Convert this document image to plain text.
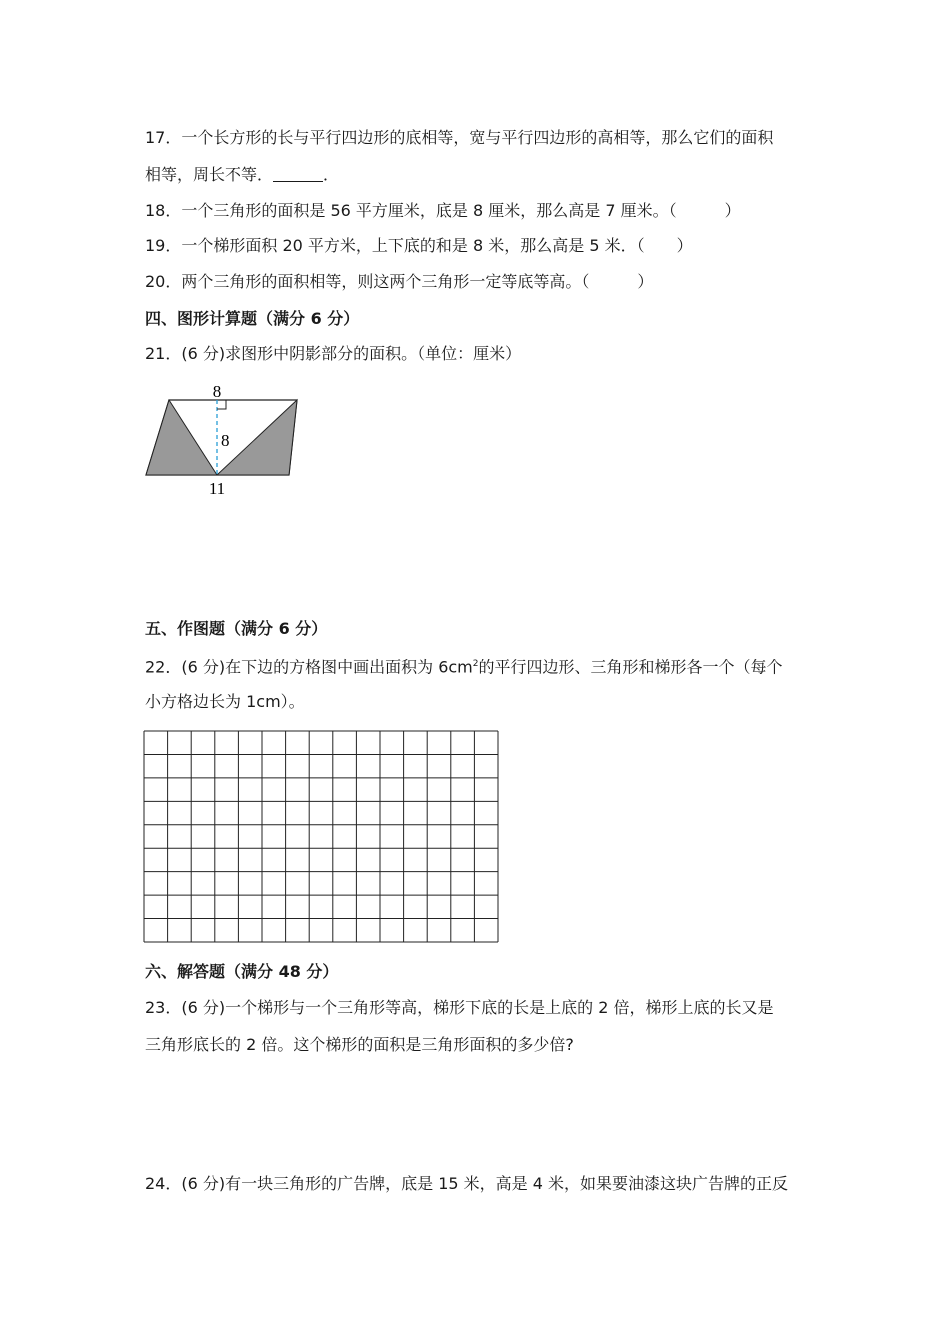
17．一个长方形的长与平行四边形的底相等，宽与平行四边形的高相等，那么它们的面积
相等，周长不等．	．
18．一个三角形的面积是 56 平方厘米，底是 8 厘米，那么高是 7 厘米。（　　　）
19．一个梯形面积 20 平方米，上下底的和是 8 米，那么高是 5 米．（　　）
20．两个三角形的面积相等，则这两个三角形一定等底等高。（　　　）
四、图形计算题（满分 6 分）
21．(6 分)求图形中阴影部分的面积。（单位：厘米）
8
8
11
五、作图题（满分 6 分）
22．(6 分)在下边的方格图中画出面积为 $6cm^2$的平行四边形、三角形和梯形各一个（每个
小方格边长为 1cm）。
六、解答题（满分 48 分）
23．(6 分)一个梯形与一个三角形等高，梯形下底的长是上底的 2 倍，梯形上底的长又是
三角形底长的 2 倍。这个梯形的面积是三角形面积的多少倍?
24．(6 分)有一块三角形的广告牌，底是 15 米，高是 4 米，如果要油漆这块广告牌的正反
